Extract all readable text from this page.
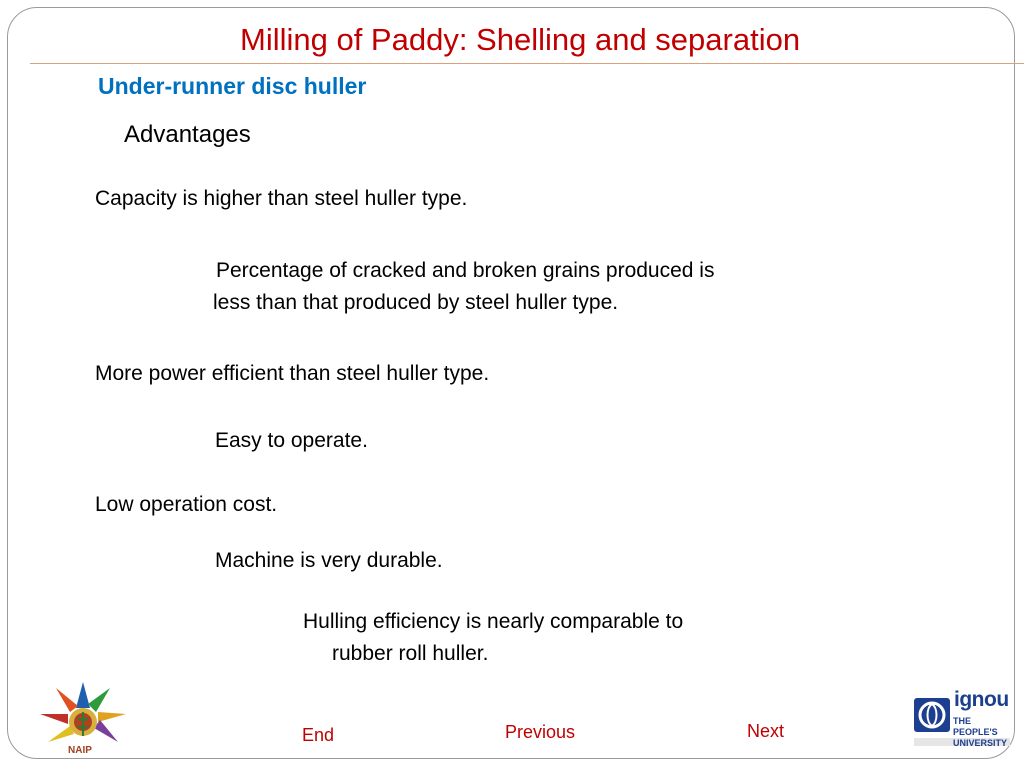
Milling of Paddy: Shelling and separation
Under-runner disc huller
Advantages
Capacity is higher than steel huller type.
Percentage of cracked and broken grains produced is
less than that produced by steel huller type.
More power efficient than steel huller type.
Easy to operate.
Low operation cost.
Machine is very durable.
Hulling efficiency is nearly comparable to
rubber roll huller.
NAIP
End	Previous	Next
ignou
THE PEOPLE'S
UNIVERSITY
